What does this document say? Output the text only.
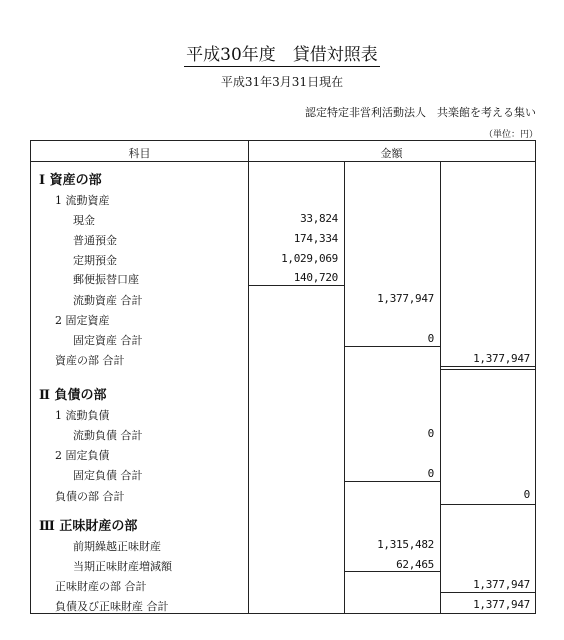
平成30年度　貸借対照表
平成31年3月31日現在
認定特定非営利活動法人　共楽館を考える集い
（単位：円）
科目	金額
Ⅰ 資産の部
1 流動資産
現金	33,824
普通預金	174,334
定期預金	1,029,069
郵便振替口座	140,720
流動資産 合計	1,377,947
2 固定資産
固定資産 合計	0
資産の部 合計	1,377,947
Ⅱ 負債の部
1 流動負債
流動負債 合計	0
2 固定負債
固定負債 合計	0
負債の部 合計	0
Ⅲ 正味財産の部
前期繰越正味財産	1,315,482
当期正味財産増減額	62,465
正味財産の部 合計	1,377,947
負債及び正味財産 合計	1,377,947
